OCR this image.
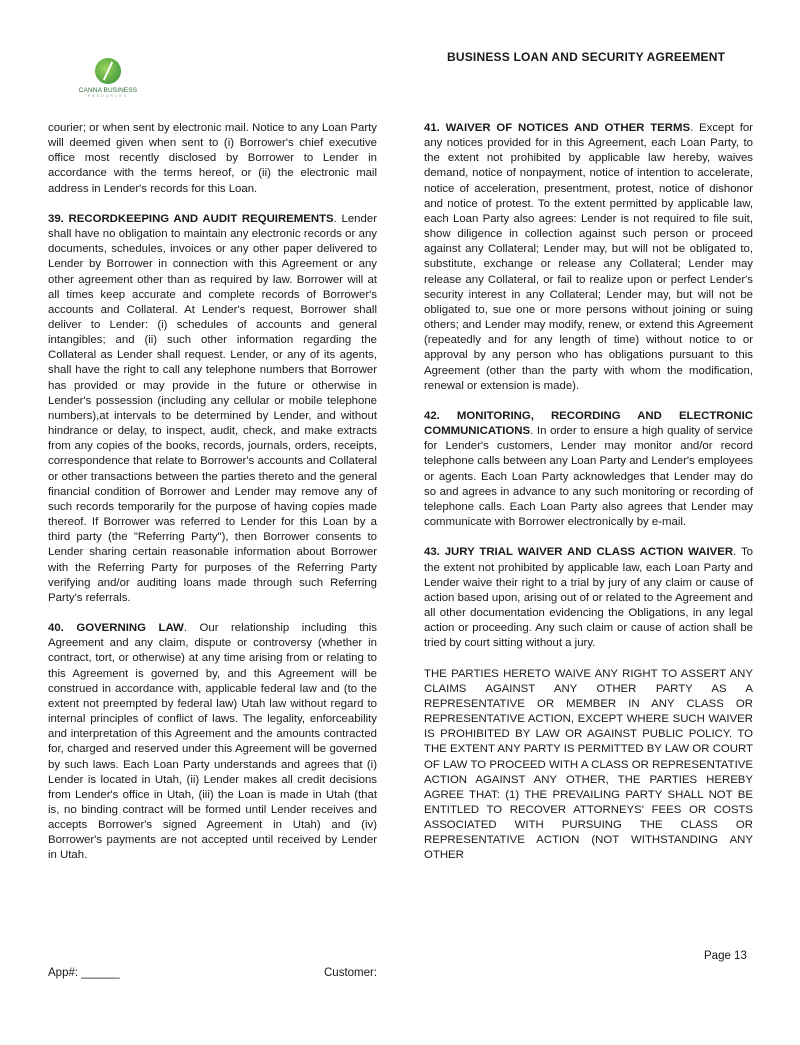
BUSINESS LOAN AND SECURITY AGREEMENT
CANNA BUSINESS
RESOURCES

courier; or when sent by electronic mail. Notice to any Loan Party will deemed given when sent to (i) Borrower's chief executive office most recently disclosed by Borrower to Lender in accordance with the terms hereof, or (ii) the electronic mail address in Lender's records for this Loan.

39. RECORDKEEPING AND AUDIT REQUIREMENTS. Lender shall have no obligation to maintain any electronic records or any documents, schedules, invoices or any other paper delivered to Lender by Borrower in connection with this Agreement or any other agreement other than as required by law. Borrower will at all times keep accurate and complete records of Borrower's accounts and Collateral. At Lender's request, Borrower shall deliver to Lender: (i) schedules of accounts and general intangibles; and (ii) such other information regarding the Collateral as Lender shall request. Lender, or any of its agents, shall have the right to call any telephone numbers that Borrower has provided or may provide in the future or otherwise in Lender's possession (including any cellular or mobile telephone numbers),at intervals to be determined by Lender, and without hindrance or delay, to inspect, audit, check, and make extracts from any copies of the books, records, journals, orders, receipts, correspondence that relate to Borrower's accounts and Collateral or other transactions between the parties thereto and the general financial condition of Borrower and Lender may remove any of such records temporarily for the purpose of having copies made thereof. If Borrower was referred to Lender for this Loan by a third party (the "Referring Party"), then Borrower consents to Lender sharing certain reasonable information about Borrower with the Referring Party for purposes of the Referring Party verifying and/or auditing loans made through such Referring Party's referrals.

40. GOVERNING LAW. Our relationship including this Agreement and any claim, dispute or controversy (whether in contract, tort, or otherwise) at any time arising from or relating to this Agreement is governed by, and this Agreement will be construed in accordance with, applicable federal law and (to the extent not preempted by federal law) Utah law without regard to internal principles of conflict of laws. The legality, enforceability and interpretation of this Agreement and the amounts contracted for, charged and reserved under this Agreement will be governed by such laws. Each Loan Party understands and agrees that (i) Lender is located in Utah, (ii) Lender makes all credit decisions from Lender's office in Utah, (iii) the Loan is made in Utah (that is, no binding contract will be formed until Lender receives and accepts Borrower's signed Agreement in Utah) and (iv) Borrower's payments are not accepted until received by Lender in Utah.

41. WAIVER OF NOTICES AND OTHER TERMS. Except for any notices provided for in this Agreement, each Loan Party, to the extent not prohibited by applicable law hereby, waives demand, notice of nonpayment, notice of intention to accelerate, notice of acceleration, presentment, protest, notice of dishonor and notice of protest. To the extent permitted by applicable law, each Loan Party also agrees: Lender is not required to file suit, show diligence in collection against such person or proceed against any Collateral; Lender may, but will not be obligated to, substitute, exchange or release any Collateral; Lender may release any Collateral, or fail to realize upon or perfect Lender's security interest in any Collateral; Lender may, but will not be obligated to, sue one or more persons without joining or suing others; and Lender may modify, renew, or extend this Agreement (repeatedly and for any length of time) without notice to or approval by any person who has obligations pursuant to this Agreement (other than the party with whom the modification, renewal or extension is made).

42. MONITORING, RECORDING AND ELECTRONIC COMMUNICATIONS. In order to ensure a high quality of service for Lender's customers, Lender may monitor and/or record telephone calls between any Loan Party and Lender's employees or agents. Each Loan Party acknowledges that Lender may do so and agrees in advance to any such monitoring or recording of telephone calls. Each Loan Party also agrees that Lender may communicate with Borrower electronically by e-mail.

43. JURY TRIAL WAIVER AND CLASS ACTION WAIVER. To the extent not prohibited by applicable law, each Loan Party and Lender waive their right to a trial by jury of any claim or cause of action based upon, arising out of or related to the Agreement and all other documentation evidencing the Obligations, in any legal action or proceeding. Any such claim or cause of action shall be tried by court sitting without a jury.

THE PARTIES HERETO WAIVE ANY RIGHT TO ASSERT ANY CLAIMS AGAINST ANY OTHER PARTY AS A REPRESENTATIVE OR MEMBER IN ANY CLASS OR REPRESENTATIVE ACTION, EXCEPT WHERE SUCH WAIVER IS PROHIBITED BY LAW OR AGAINST PUBLIC POLICY. TO THE EXTENT ANY PARTY IS PERMITTED BY LAW OR COURT OF LAW TO PROCEED WITH A CLASS OR REPRESENTATIVE ACTION AGAINST ANY OTHER, THE PARTIES HEREBY AGREE THAT: (1) THE PREVAILING PARTY SHALL NOT BE ENTITLED TO RECOVER ATTORNEYS' FEES OR COSTS ASSOCIATED WITH PURSUING THE CLASS OR REPRESENTATIVE ACTION (NOT WITHSTANDING ANY OTHER

Page 13
App#: ______	Customer:
